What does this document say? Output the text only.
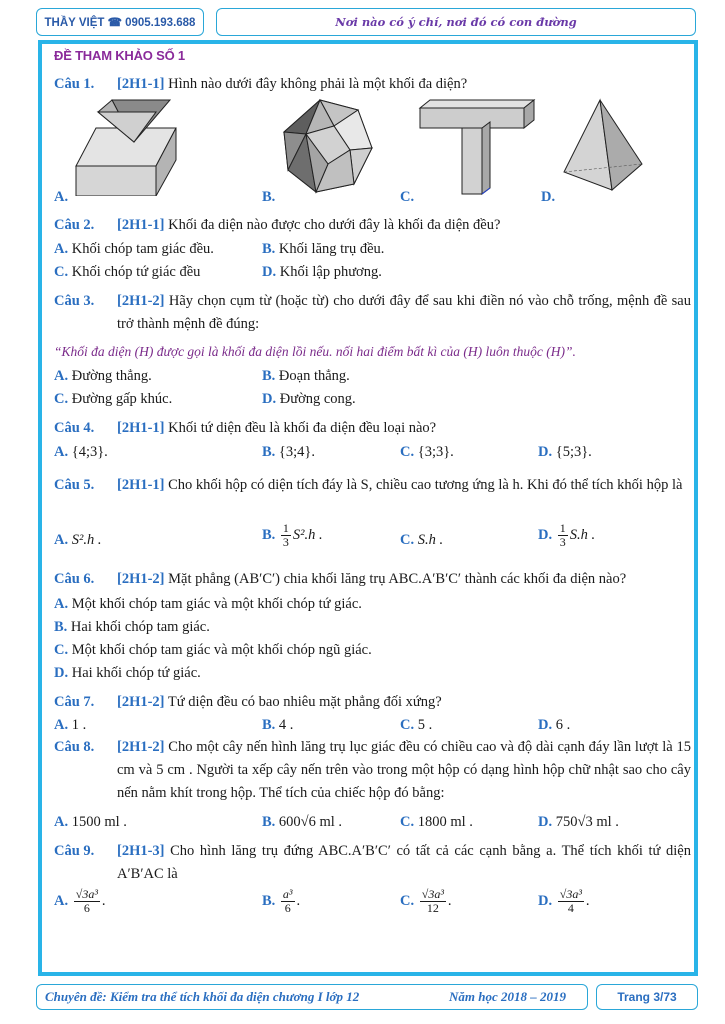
THẦY VIỆT ☎ 0905.193.688	Nơi nào có ý chí, nơi đó có con đường
ĐỀ THAM KHẢO SỐ 1
Câu 1. [2H1-1] Hình nào dưới đây không phải là một khối đa diện?
A.	B.	C.	D.
Câu 2. [2H1-1] Khối đa diện nào được cho dưới đây là khối đa diện đều?
A. Khối chóp tam giác đều.	B. Khối lăng trụ đều.
C. Khối chóp tứ giác đều	D. Khối lập phương.
Câu 3.	[2H1-2] Hãy chọn cụm từ (hoặc từ) cho dưới đây để sau khi điền nó vào chỗ trống, mệnh đề sau trở thành mệnh đề đúng:
“Khối đa diện (H) được gọi là khối đa diện lồi nếu. nối hai điểm bất kì của (H) luôn thuộc (H)”.
A. Đường thẳng.	B. Đoạn thẳng.
C. Đường gấp khúc.	D. Đường cong.
Câu 4. [2H1-1] Khối tứ diện đều là khối đa diện đều loại nào?
A. {4;3}.	B. {3;4}.	C. {3;3}.	D. {5;3}.
Câu 5.	[2H1-1] Cho khối hộp có diện tích đáy là S, chiều cao tương ứng là h. Khi đó thể tích khối hộp là
A. S².h .	B. $\frac{1}{3} S^2.h$ .	C. S.h .	D. $\frac{1}{3} S.h$ .
Câu 6. [2H1-2] Mặt phẳng (AB′C′) chia khối lăng trụ ABC.A′B′C′ thành các khối đa diện nào?
A. Một khối chóp tam giác và một khối chóp tứ giác.
B. Hai khối chóp tam giác.
C. Một khối chóp tam giác và một khối chóp ngũ giác.
D. Hai khối chóp tứ giác.
Câu 7. [2H1-2] Tứ diện đều có bao nhiêu mặt phẳng đối xứng?
A. 1 .	B. 4 .	C. 5 .	D. 6 .
Câu 8.	[2H1-2] Cho một cây nến hình lăng trụ lục giác đều có chiều cao và độ dài cạnh đáy lần lượt là 15 cm và 5 cm . Người ta xếp cây nến trên vào trong một hộp có dạng hình hộp chữ nhật sao cho cây nến nằm khít trong hộp. Thể tích của chiếc hộp đó bằng:
A. 1500 ml .	B. 600√6 ml .	C. 1800 ml .	D. 750√3 ml .
Câu 9.	[2H1-3] Cho hình lăng trụ đứng ABC.A′B′C′ có tất cả các cạnh bằng a. Thể tích khối tứ diện A′B′AC là
A. $\frac{\text{√3a³}}{6}$ .	B. $\frac{\text{a³}}{6}$ .	C. $\frac{\text{√3a³}}{12}$ .	D. $\frac{\text{√3a³}}{4}$ .
Chuyên đề: Kiểm tra thể tích khối đa diện chương I lớp 12	Năm học 2018 – 2019	Trang 3/73
